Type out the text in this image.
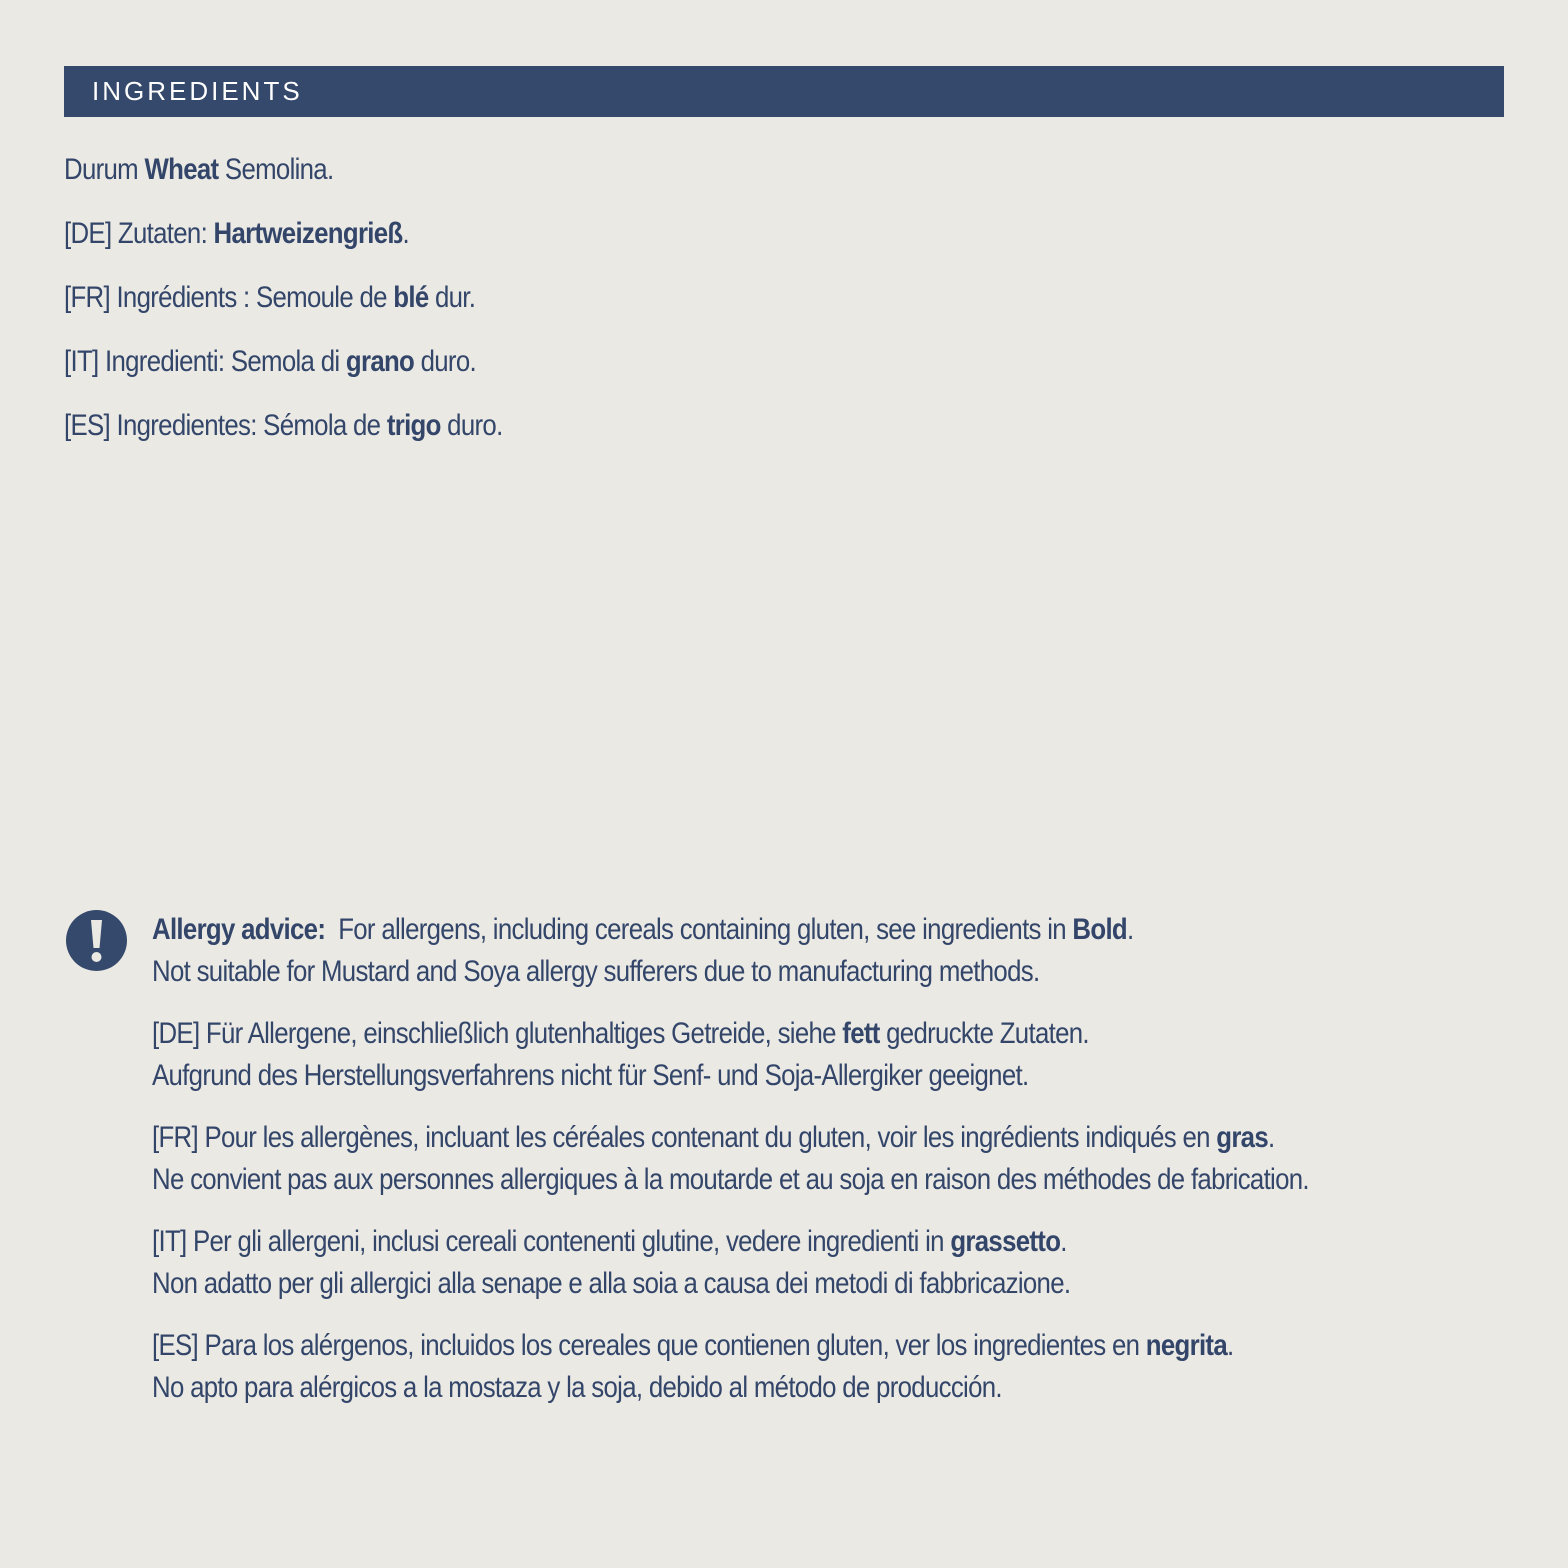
INGREDIENTS
Durum Wheat Semolina.
[DE] Zutaten: Hartweizengrieß.
[FR] Ingrédients : Semoule de blé dur.
[IT] Ingredienti: Semola di grano duro.
[ES] Ingredientes: Sémola de trigo duro.
Allergy advice: For allergens, including cereals containing gluten, see ingredients in Bold.
Not suitable for Mustard and Soya allergy sufferers due to manufacturing methods.
[DE] Für Allergene, einschließlich glutenhaltiges Getreide, siehe fett gedruckte Zutaten.
Aufgrund des Herstellungsverfahrens nicht für Senf- und Soja-Allergiker geeignet.
[FR] Pour les allergènes, incluant les céréales contenant du gluten, voir les ingrédients indiqués en gras.
Ne convient pas aux personnes allergiques à la moutarde et au soja en raison des méthodes de fabrication.
[IT] Per gli allergeni, inclusi cereali contenenti glutine, vedere ingredienti in grassetto.
Non adatto per gli allergici alla senape e alla soia a causa dei metodi di fabbricazione.
[ES] Para los alérgenos, incluidos los cereales que contienen gluten, ver los ingredientes en negrita.
No apto para alérgicos a la mostaza y la soja, debido al método de producción.
